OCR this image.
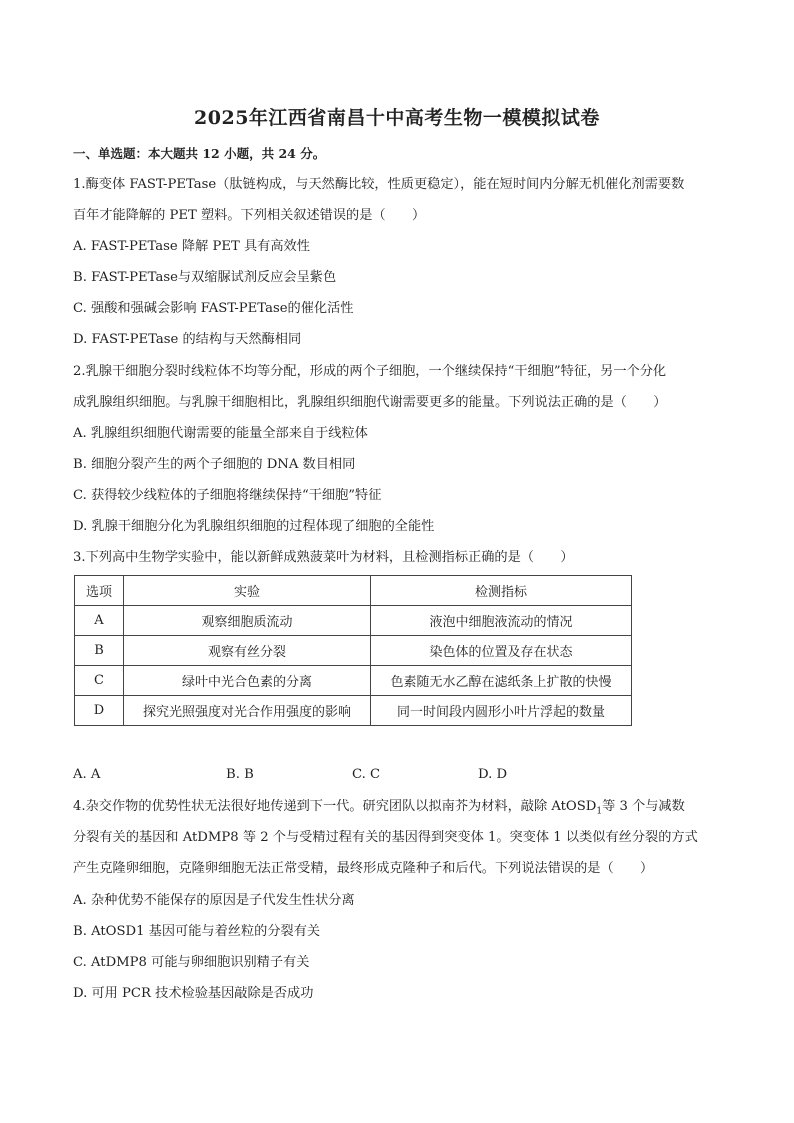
2025年江西省南昌十中高考生物一模模拟试卷
一、单选题：本大题共 12 小题，共 24 分。
1.酶变体 FAST-PETase（肽链构成，与天然酶比较，性质更稳定），能在短时间内分解无机催化剂需要数
百年才能降解的 PET 塑料。下列相关叙述错误的是（　　）
A. FAST-PETase 降解 PET 具有高效性
B. FAST-PETase与双缩脲试剂反应会呈紫色
C. 强酸和强碱会影响 FAST-PETase的催化活性
D. FAST-PETase 的结构与天然酶相同
2.乳腺干细胞分裂时线粒体不均等分配，形成的两个子细胞，一个继续保持“干细胞”特征，另一个分化
成乳腺组织细胞。与乳腺干细胞相比，乳腺组织细胞代谢需要更多的能量。下列说法正确的是（　　）
A. 乳腺组织细胞代谢需要的能量全部来自于线粒体
B. 细胞分裂产生的两个子细胞的 DNA 数目相同
C. 获得较少线粒体的子细胞将继续保持“干细胞”特征
D. 乳腺干细胞分化为乳腺组织细胞的过程体现了细胞的全能性
3.下列高中生物学实验中，能以新鲜成熟菠菜叶为材料，且检测指标正确的是（　　）
选项	实验	检测指标
A	观察细胞质流动	液泡中细胞液流动的情况
B	观察有丝分裂	染色体的位置及存在状态
C	绿叶中光合色素的分离	色素随无水乙醇在滤纸条上扩散的快慢
D	探究光照强度对光合作用强度的影响	同一时间段内圆形小叶片浮起的数量
A. A	B. B	C. C	D. D
4.杂交作物的优势性状无法很好地传递到下一代。研究团队以拟南芥为材料，敲除 AtOSD$_1$等 3 个与减数
分裂有关的基因和 AtDMP8 等 2 个与受精过程有关的基因得到突变体 1。突变体 1 以类似有丝分裂的方式
产生克隆卵细胞，克隆卵细胞无法正常受精，最终形成克隆种子和后代。下列说法错误的是（　　）
A. 杂种优势不能保存的原因是子代发生性状分离
B. AtOSD1 基因可能与着丝粒的分裂有关
C. AtDMP8 可能与卵细胞识别精子有关
D. 可用 PCR 技术检验基因敲除是否成功
